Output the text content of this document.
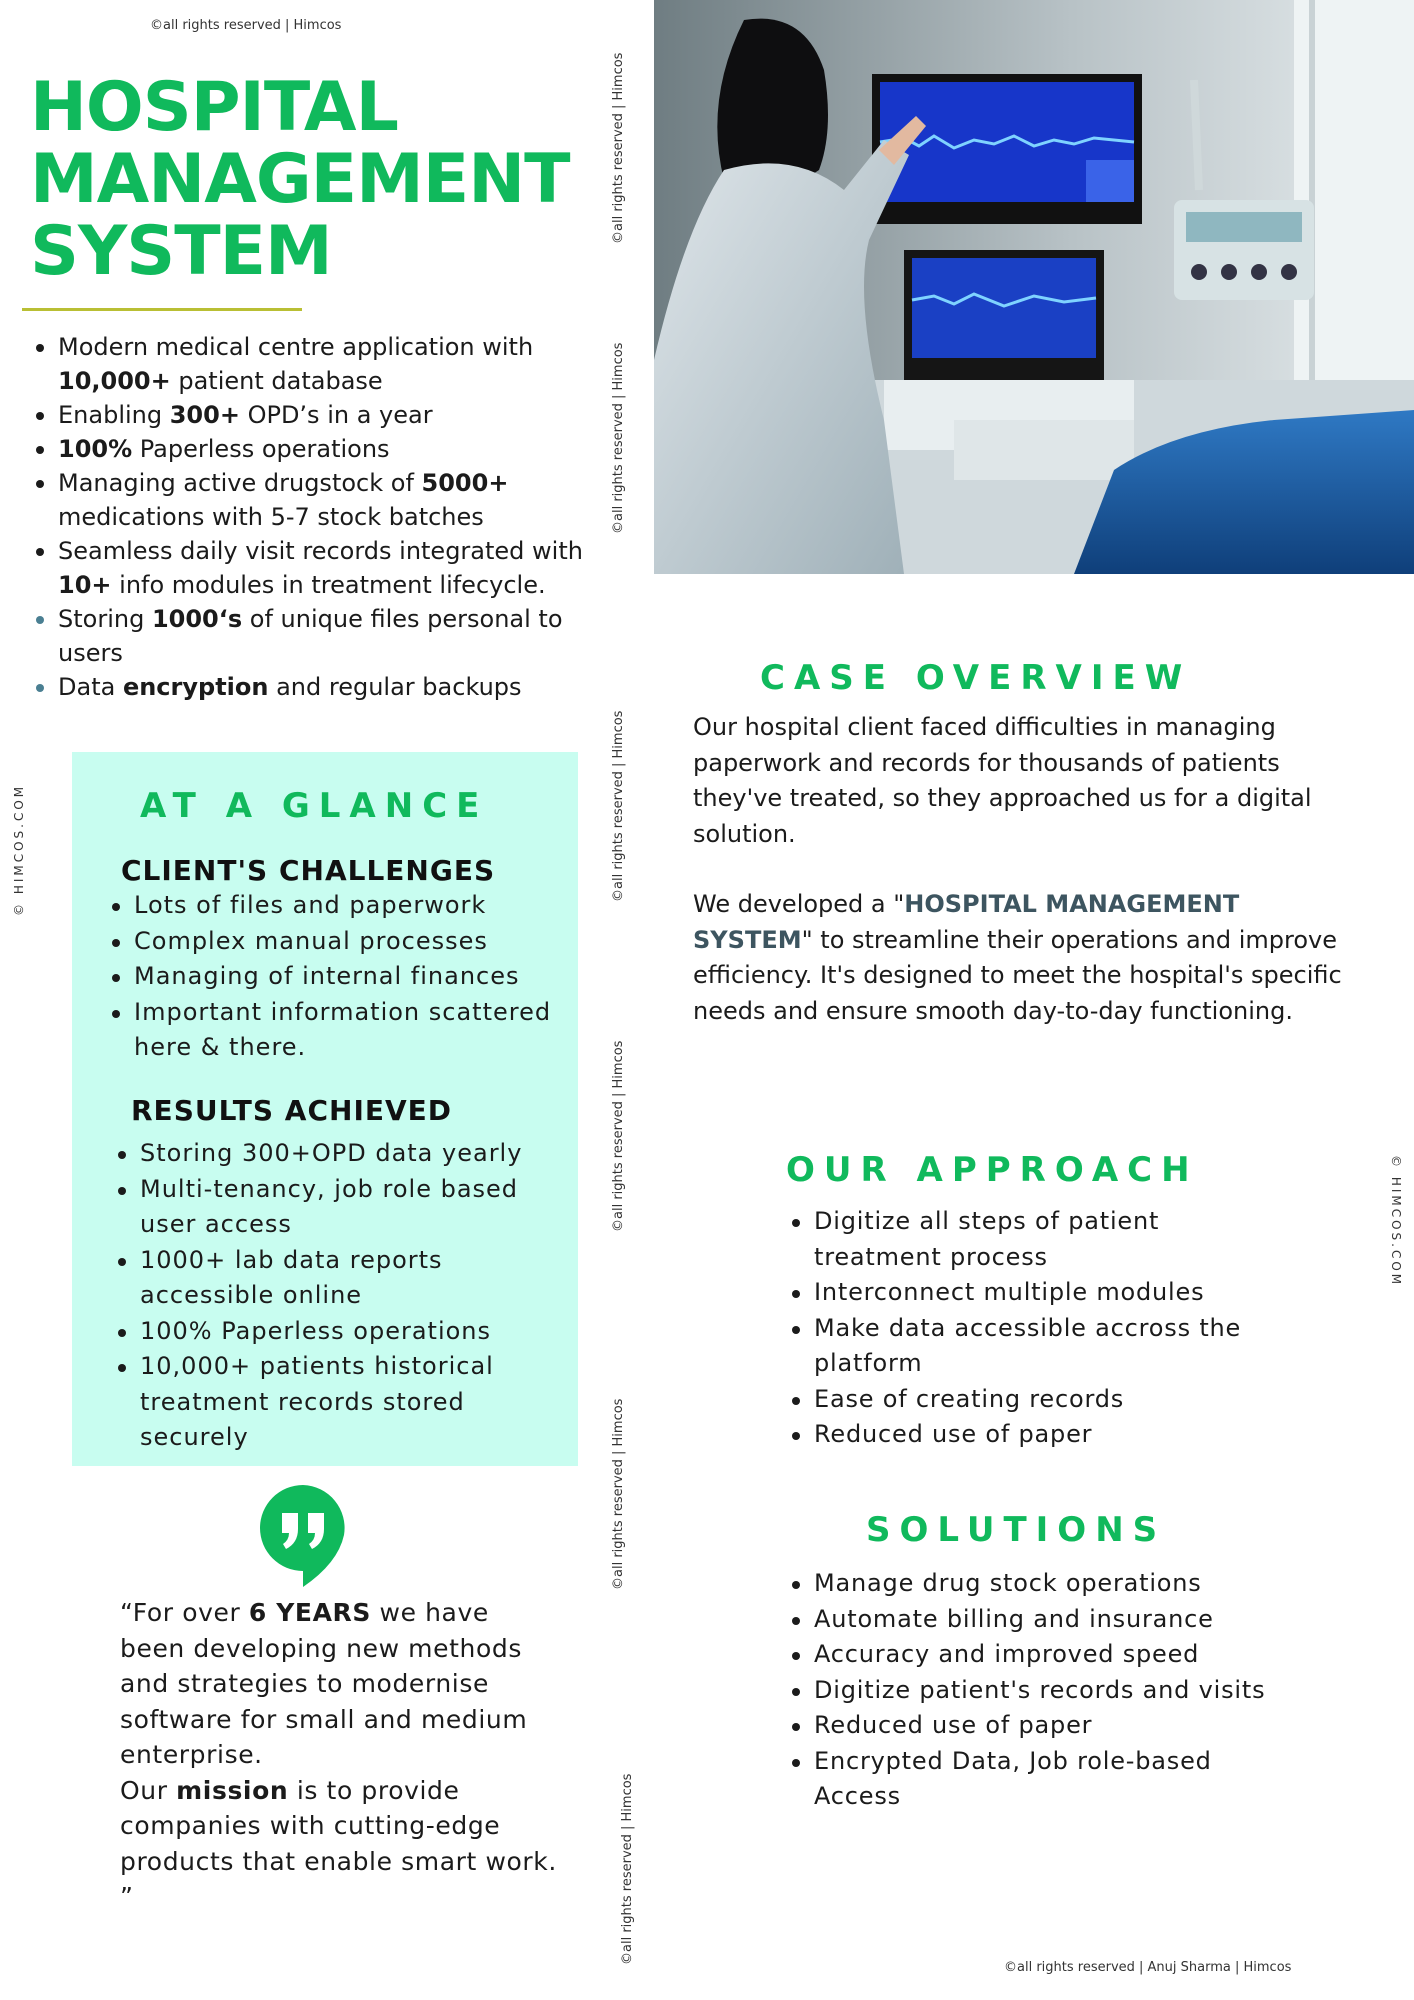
©all rights reserved | Himcos
©all rights reserved | Himcos
©all rights reserved | Himcos
©all rights reserved | Himcos
©all rights reserved | Himcos
©all rights reserved | Himcos
©all rights reserved | Himcos
© HIMCOS.COM
© HIMCOS.COM
HOSPITAL
MANAGEMENT
SYSTEM
Modern medical centre application with 10,000+ patient database
Enabling 300+ OPD’s in a year
100% Paperless operations
Managing active drugstock of 5000+ medications with 5-7 stock batches
Seamless daily visit records integrated with 10+ info modules in treatment lifecycle.
Storing 1000‘s of unique files personal to users
Data encryption and regular backups
AT A GLANCE
CLIENT'S CHALLENGES
Lots of files and paperwork
Complex manual processes
Managing of internal finances
Important information scattered here & there.
RESULTS ACHIEVED
Storing 300+OPD data yearly
Multi-tenancy, job role based user access
1000+ lab data reports accessible online
100% Paperless operations
10,000+ patients historical treatment records stored securely

“For over 6 YEARS we have been developing new methods and strategies to modernise software for small and medium enterprise.
Our mission is to provide companies with cutting-edge products that enable smart work. ”

CASE OVERVIEW

Our hospital client faced difficulties in managing paperwork and records for thousands of patients they've treated, so they approached us for a digital solution.

We developed a "HOSPITAL MANAGEMENT SYSTEM" to streamline their operations and improve efficiency. It's designed to meet the hospital's specific needs and ensure smooth day-to-day functioning.

OUR APPROACH
Digitize all steps of patient treatment process
Interconnect multiple modules
Make data accessible accross the platform
Ease of creating records
Reduced use of paper
SOLUTIONS
Manage drug stock operations
Automate billing and insurance
Accuracy and improved speed
Digitize patient's records and visits
Reduced use of paper
Encrypted Data, Job role-based Access
©all rights reserved | Anuj Sharma | Himcos
